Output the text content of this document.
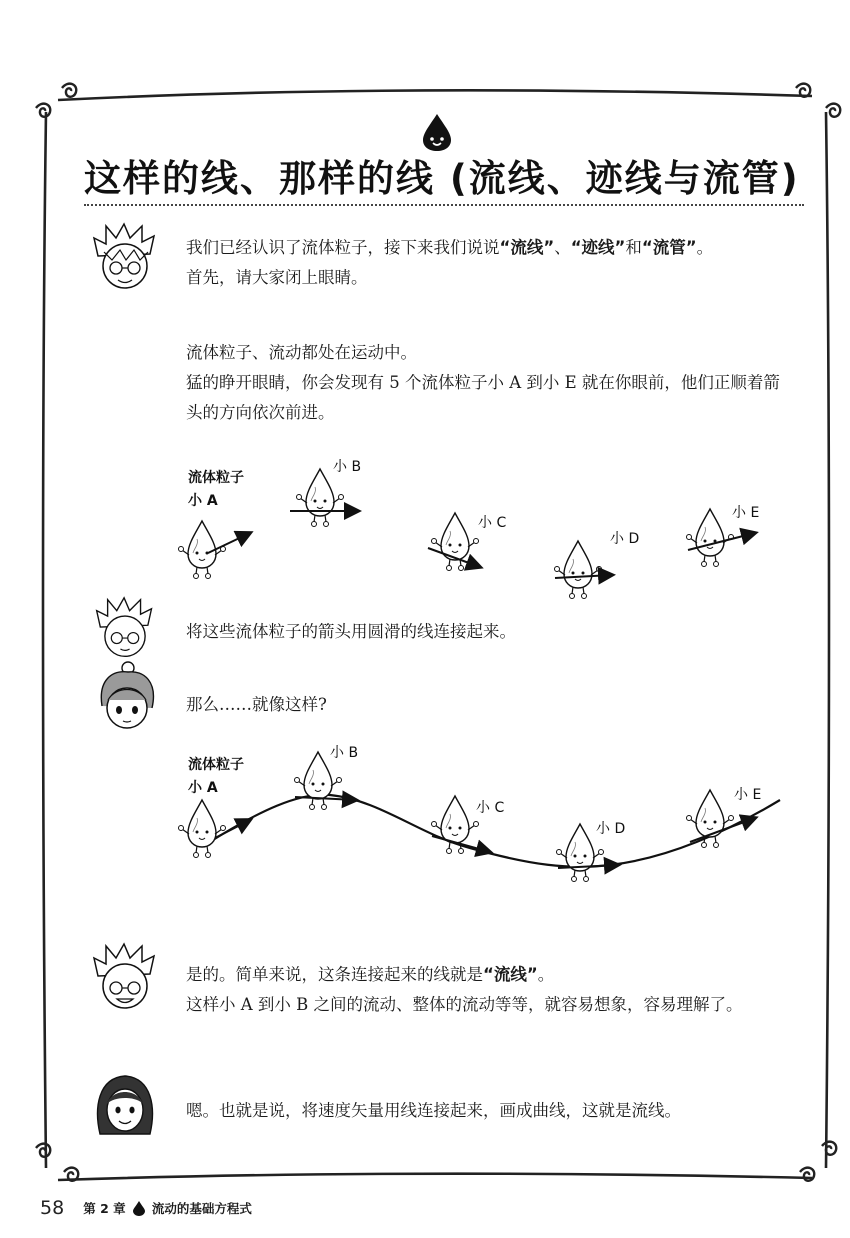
这样的线、那样的线 (流线、迹线与流管)

我们已经认识了流体粒子，接下来我们说说“流线”、“迹线”和“流管”。

首先，请大家闭上眼睛。

流体粒子、流动都处在运动中。

猛的睁开眼睛，你会发现有 5 个流体粒子小 A 到小 E 就在你眼前，他们正顺着箭头的方向依次前进。

流体粒子
小 A
小 B
小 C
小 D
小 E

将这些流体粒子的箭头用圆滑的线连接起来。

那么……就像这样?

流体粒子
小 A
小 B
小 C
小 D
小 E

是的。简单来说，这条连接起来的线就是“流线”。

这样小 A 到小 B 之间的流动、整体的流动等等，就容易想象，容易理解了。

嗯。也就是说，将速度矢量用线连接起来，画成曲线，这就是流线。

58 第 2 章 流动的基础方程式
